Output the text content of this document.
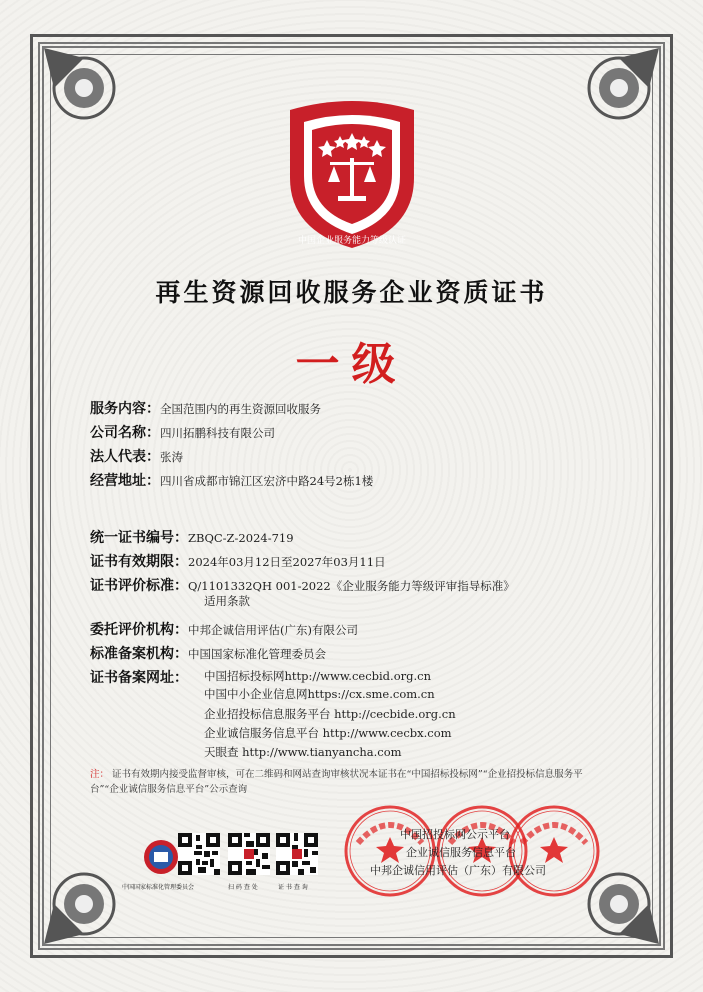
中国企业服务能力等级认证
再生资源回收服务企业资质证书
一级
服务内容：全国范围内的再生资源回收服务
公司名称：四川拓鹏科技有限公司
法人代表：张涛
经营地址：四川省成都市锦江区宏济中路24号2栋1楼
统一证书编号：ZBQC-Z-2024-719
证书有效期限：2024年03月12日至2027年03月11日
证书评价标准：Q/1101332QH 001-2022《企业服务能力等级评审指导标准》
适用条款
委托评价机构：中邦企诚信用评估(广东)有限公司
标准备案机构：中国国家标准化管理委员会
证书备案网址： 中国招标投标网http://www.cecbid.org.cn
中国中小企业信息网https://cx.sme.com.cn
企业招投标信息服务平台 http://cecbide.org.cn
企业诚信服务信息平台 http://www.cecbx.com
天眼查 http://www.tianyancha.com
注： 证书有效期内接受监督审核，可在二维码和网站查询审核状况本证书在“中国招标投标网”“企业招投标信息服务平台”“企业诚信服务信息平台”公示查询
中国国家标准化管理委员会	扫 码 查 处	证 书 查 询
中国招投标网公示平台
企业诚信服务信息平台
中邦企诚信用评估（广东）有限公司
